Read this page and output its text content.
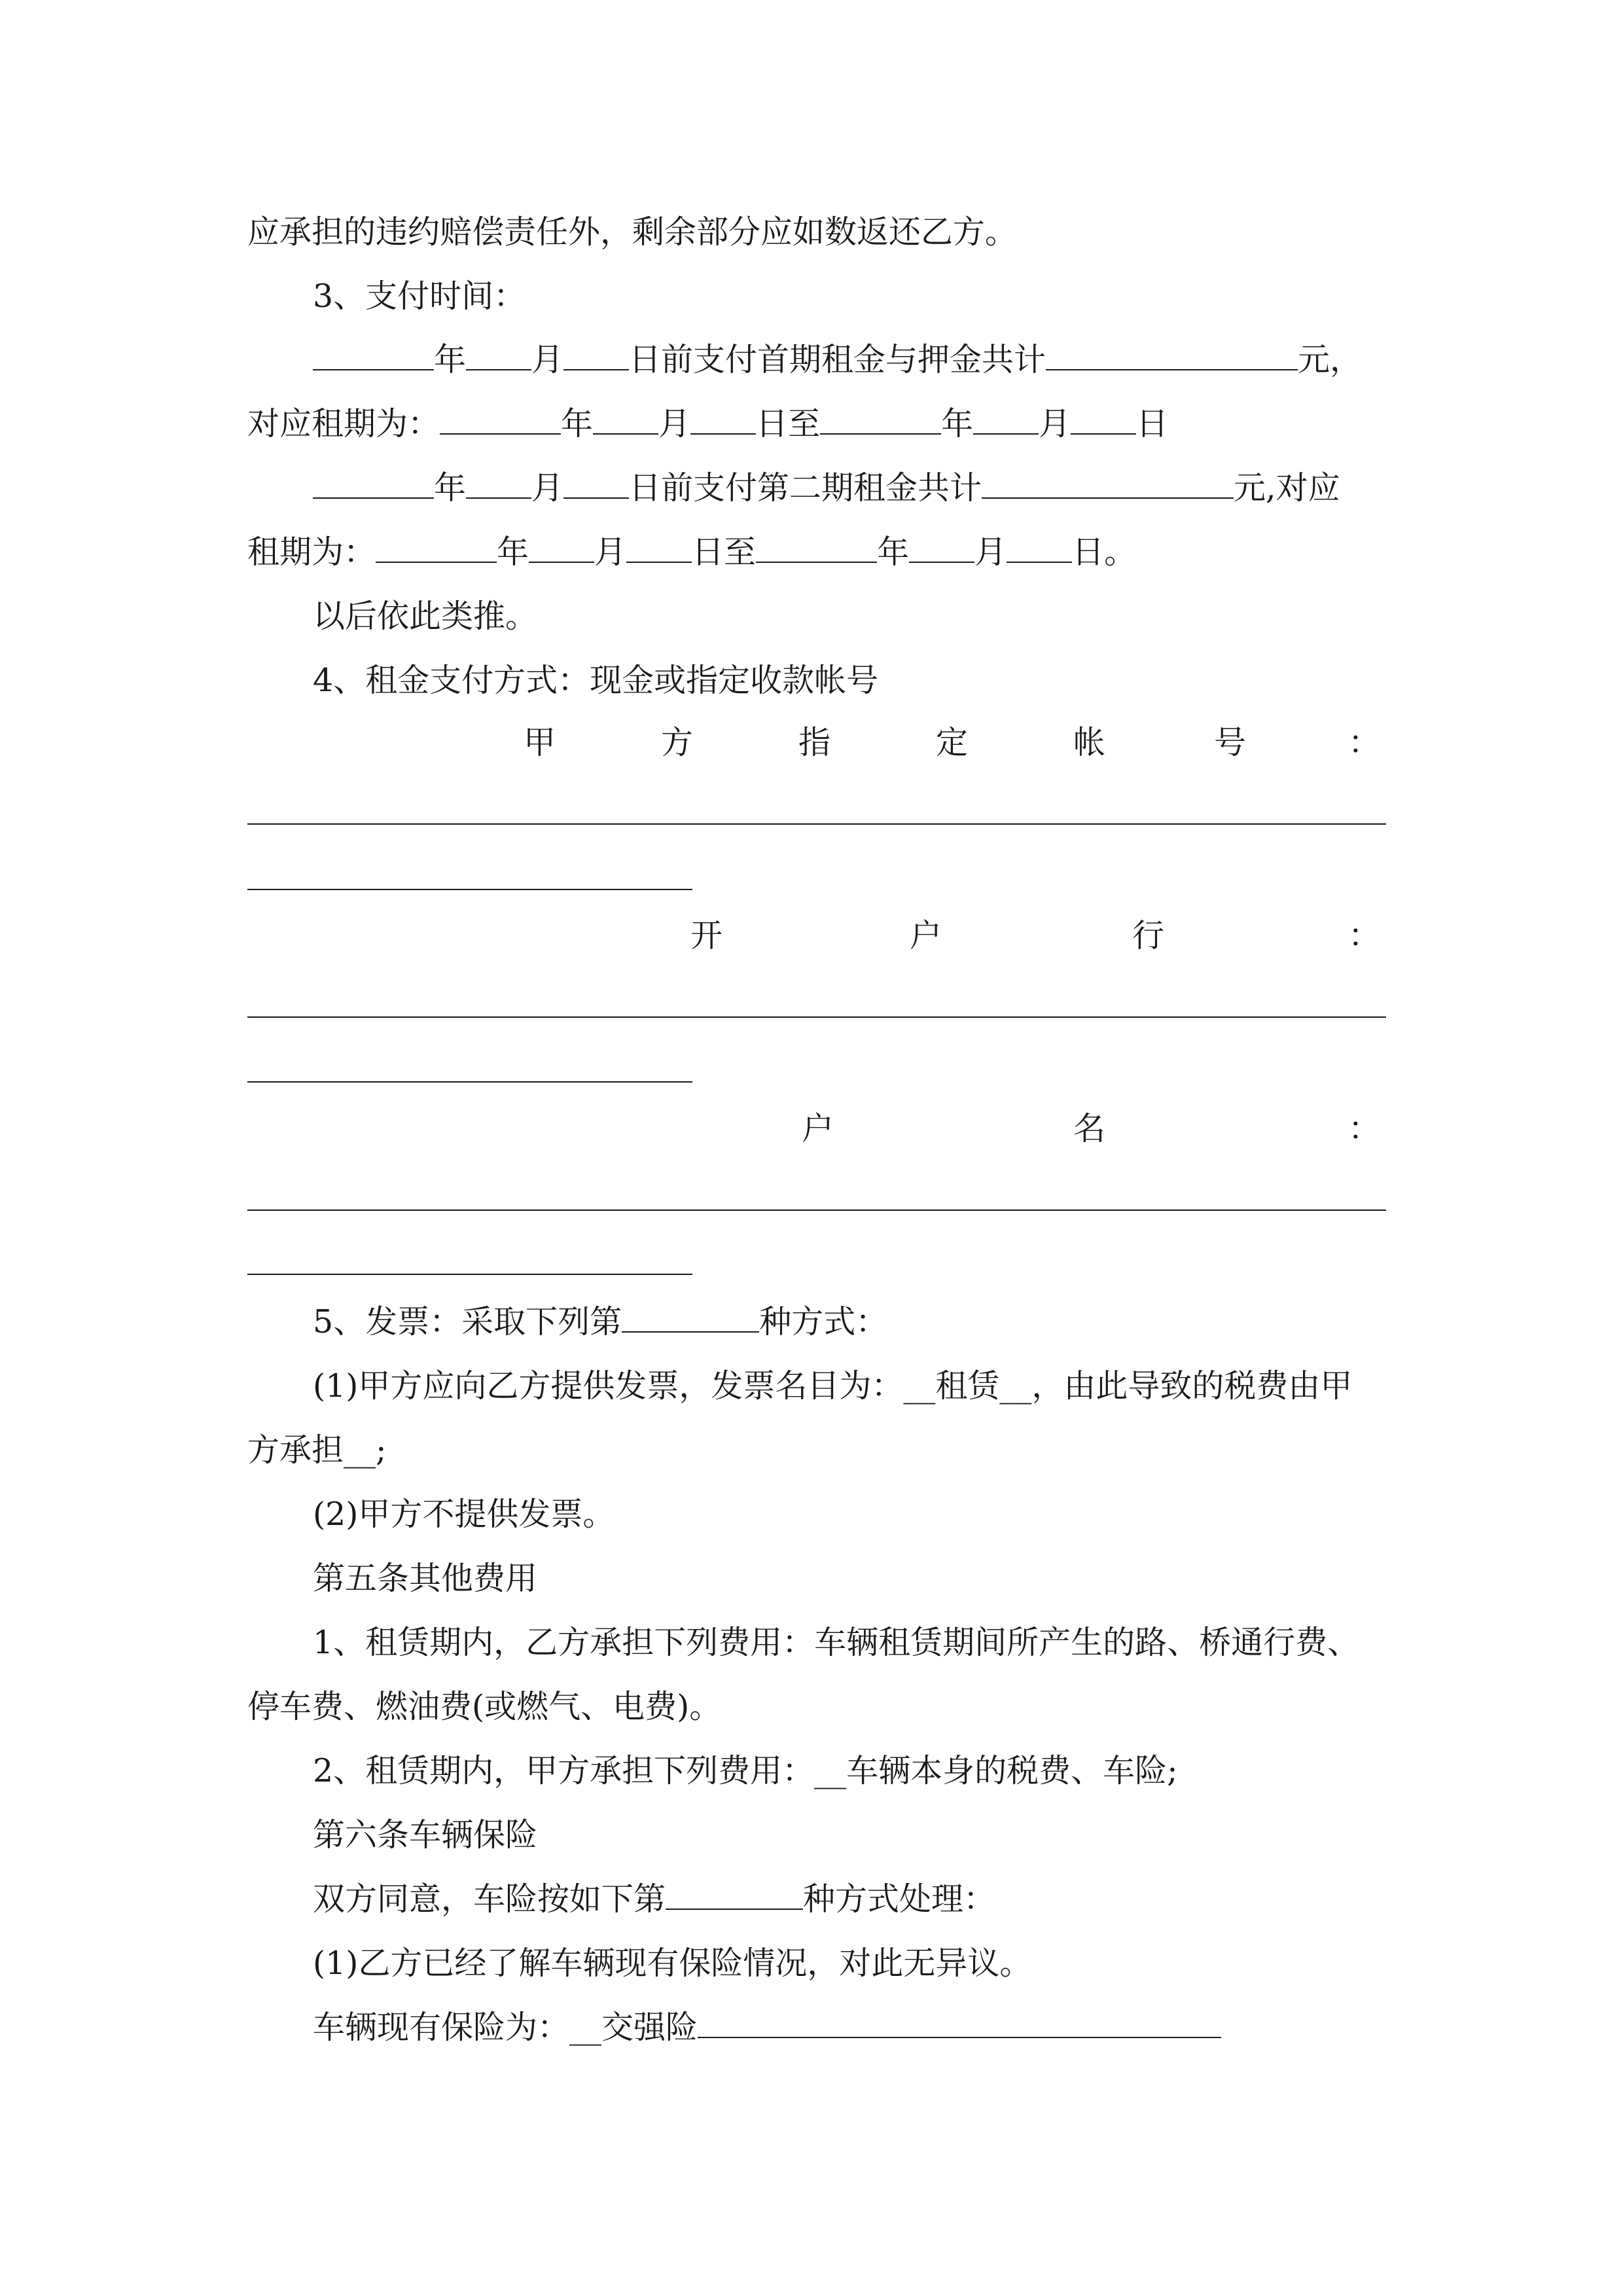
应承担的违约赔偿责任外，剩余部分应如数返还乙方。
3、支付时间：
年 月 日前支付首期租金与押金共计	元，
对应租期为：	年 月 日至	年 月 日
年 月 日前支付第二期租金共计	元,对应
租期为：	年 月 日至	年 月 日。
以后依此类推。
4、租金支付方式：现金或指定收款帐号
甲	方	指	定	帐	号	：
开	户	行	：
户	名	：
5、发票：采取下列第	种方式：
(1)甲方应向乙方提供发票，发票名目为：__租赁__，由此导致的税费由甲
方承担__;
(2)甲方不提供发票。
第五条其他费用
1、租赁期内，乙方承担下列费用：车辆租赁期间所产生的路、桥通行费、
停车费、燃油费(或燃气、电费)。
2、租赁期内，甲方承担下列费用：__车辆本身的税费、车险;
第六条车辆保险
双方同意，车险按如下第	种方式处理：
(1)乙方已经了解车辆现有保险情况，对此无异议。
车辆现有保险为：__交强险
